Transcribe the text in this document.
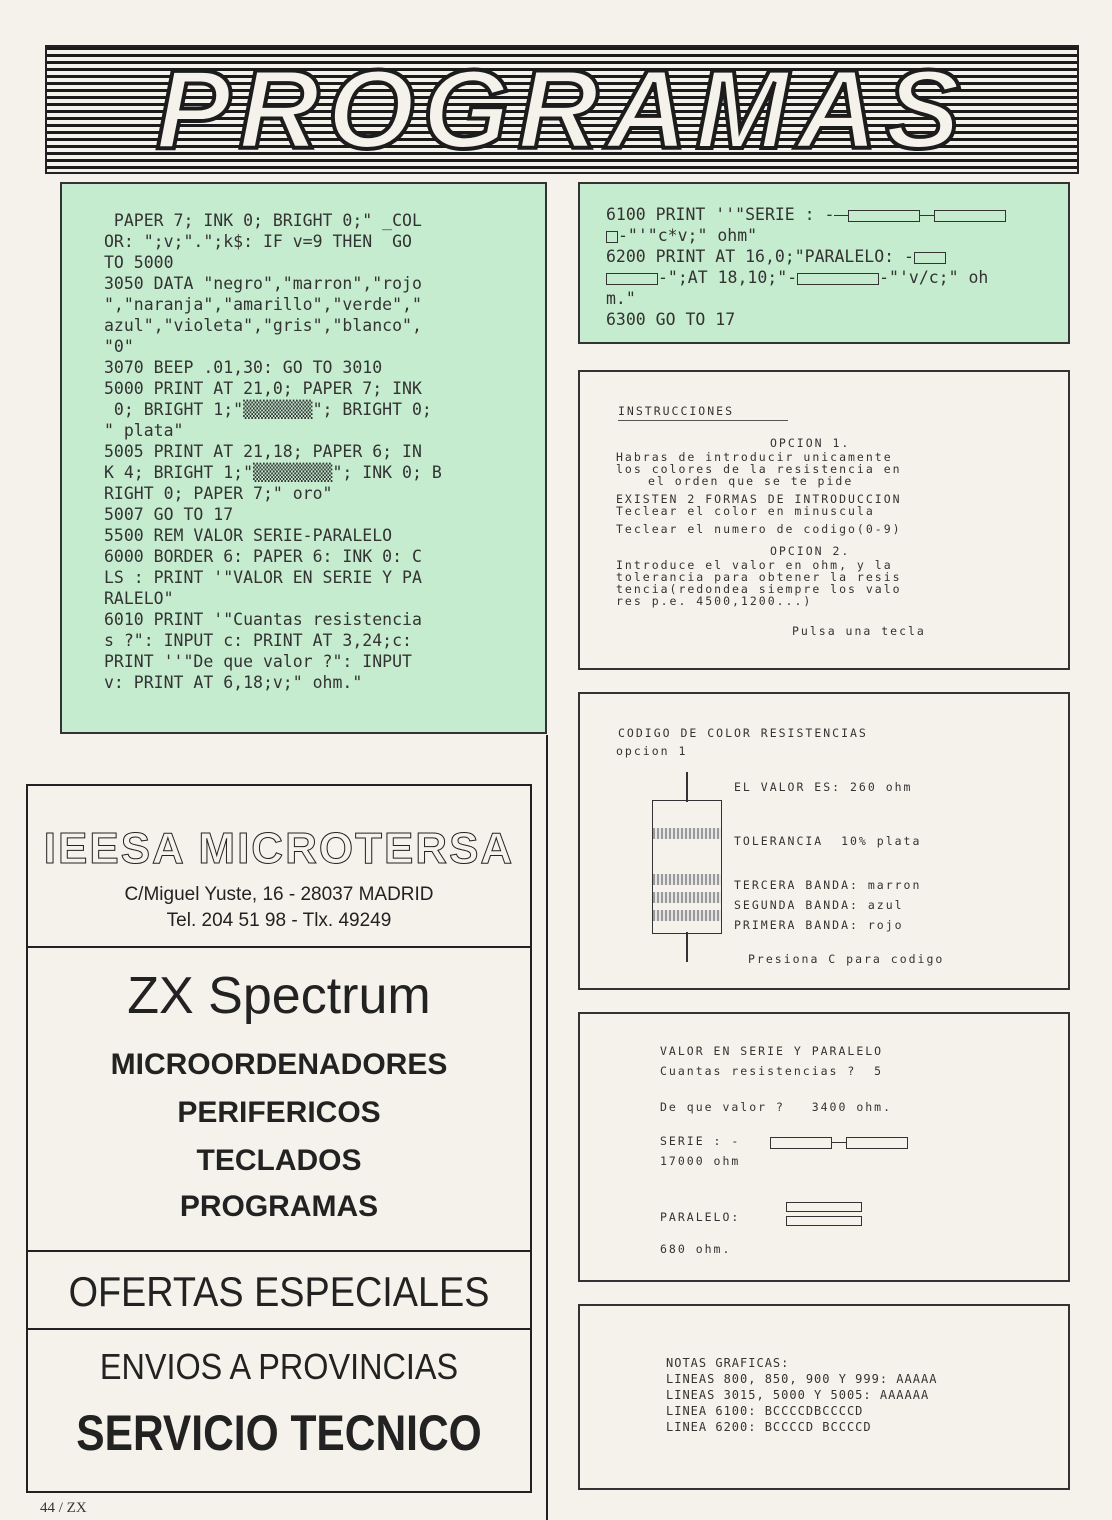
PROGRAMAS
PAPER 7; INK 0; BRIGHT 0;" _COL
OR: ";v;".";k$: IF v=9 THEN  GO
TO 5000
3050 DATA "negro","marron","rojo
","naranja","amarillo","verde","
azul","violeta","gris","blanco",
"0"
3070 BEEP .01,30: GO TO 3010
5000 PRINT AT 21,0; PAPER 7; INK
0; BRIGHT 1;"▒▒▒▒▒▒▒"; BRIGHT 0;
" plata"
5005 PRINT AT 21,18; PAPER 6; IN
K 4; BRIGHT 1;"▒▒▒▒▒▒▒▒"; INK 0; B
RIGHT 0; PAPER 7;" oro"
5007 GO TO 17
5500 REM VALOR SERIE-PARALELO
6000 BORDER 6: PAPER 6: INK 0: C
LS : PRINT '"VALOR EN SERIE Y PA
RALELO"
6010 PRINT '"Cuantas resistencia
s ?": INPUT c: PRINT AT 3,24;c:
PRINT ''"De que valor ?": INPUT
v: PRINT AT 6,18;v;" ohm."
6100 PRINT ''"SERIE : -
-"'"c*v;" ohm"
6200 PRINT AT 16,0;"PARALELO: -
-";AT 18,10;"-	-"'v/c;" oh
m."
6300 GO TO 17
INSTRUCCIONES
OPCION 1.
Habras de introducir unicamente
los colores de la resistencia en
el orden que se te pide
EXISTEN 2 FORMAS DE INTRODUCCION
Teclear el color en minuscula
Teclear el numero de codigo(0-9)
OPCION 2.
Introduce el valor en ohm, y la
tolerancia para obtener la resis
tencia(redondea siempre los valo
res p.e. 4500,1200...)
Pulsa una tecla
CODIGO DE COLOR RESISTENCIAS
opcion 1
EL VALOR ES: 260 ohm
TOLERANCIA  10% plata
TERCERA BANDA: marron
SEGUNDA BANDA: azul
PRIMERA BANDA: rojo
Presiona C para codigo
VALOR EN SERIE Y PARALELO
Cuantas resistencias ?  5
De que valor ?   3400 ohm.
SERIE : -
17000 ohm
PARALELO:
680 ohm.
NOTAS GRAFICAS:
LINEAS 800, 850, 900 Y 999: AAAAA
LINEAS 3015, 5000 Y 5005: AAAAAA
LINEA 6100: BCCCCDBCCCCD
LINEA 6200: BCCCCD BCCCCD
IEESA MICROTERSA
C/Miguel Yuste, 16 - 28037 MADRID
Tel. 204 51 98 - Tlx. 49249
ZX Spectrum
MICROORDENADORES
PERIFERICOS
TECLADOS
PROGRAMAS
OFERTAS ESPECIALES
ENVIOS A PROVINCIAS
SERVICIO TECNICO
44 / ZX
